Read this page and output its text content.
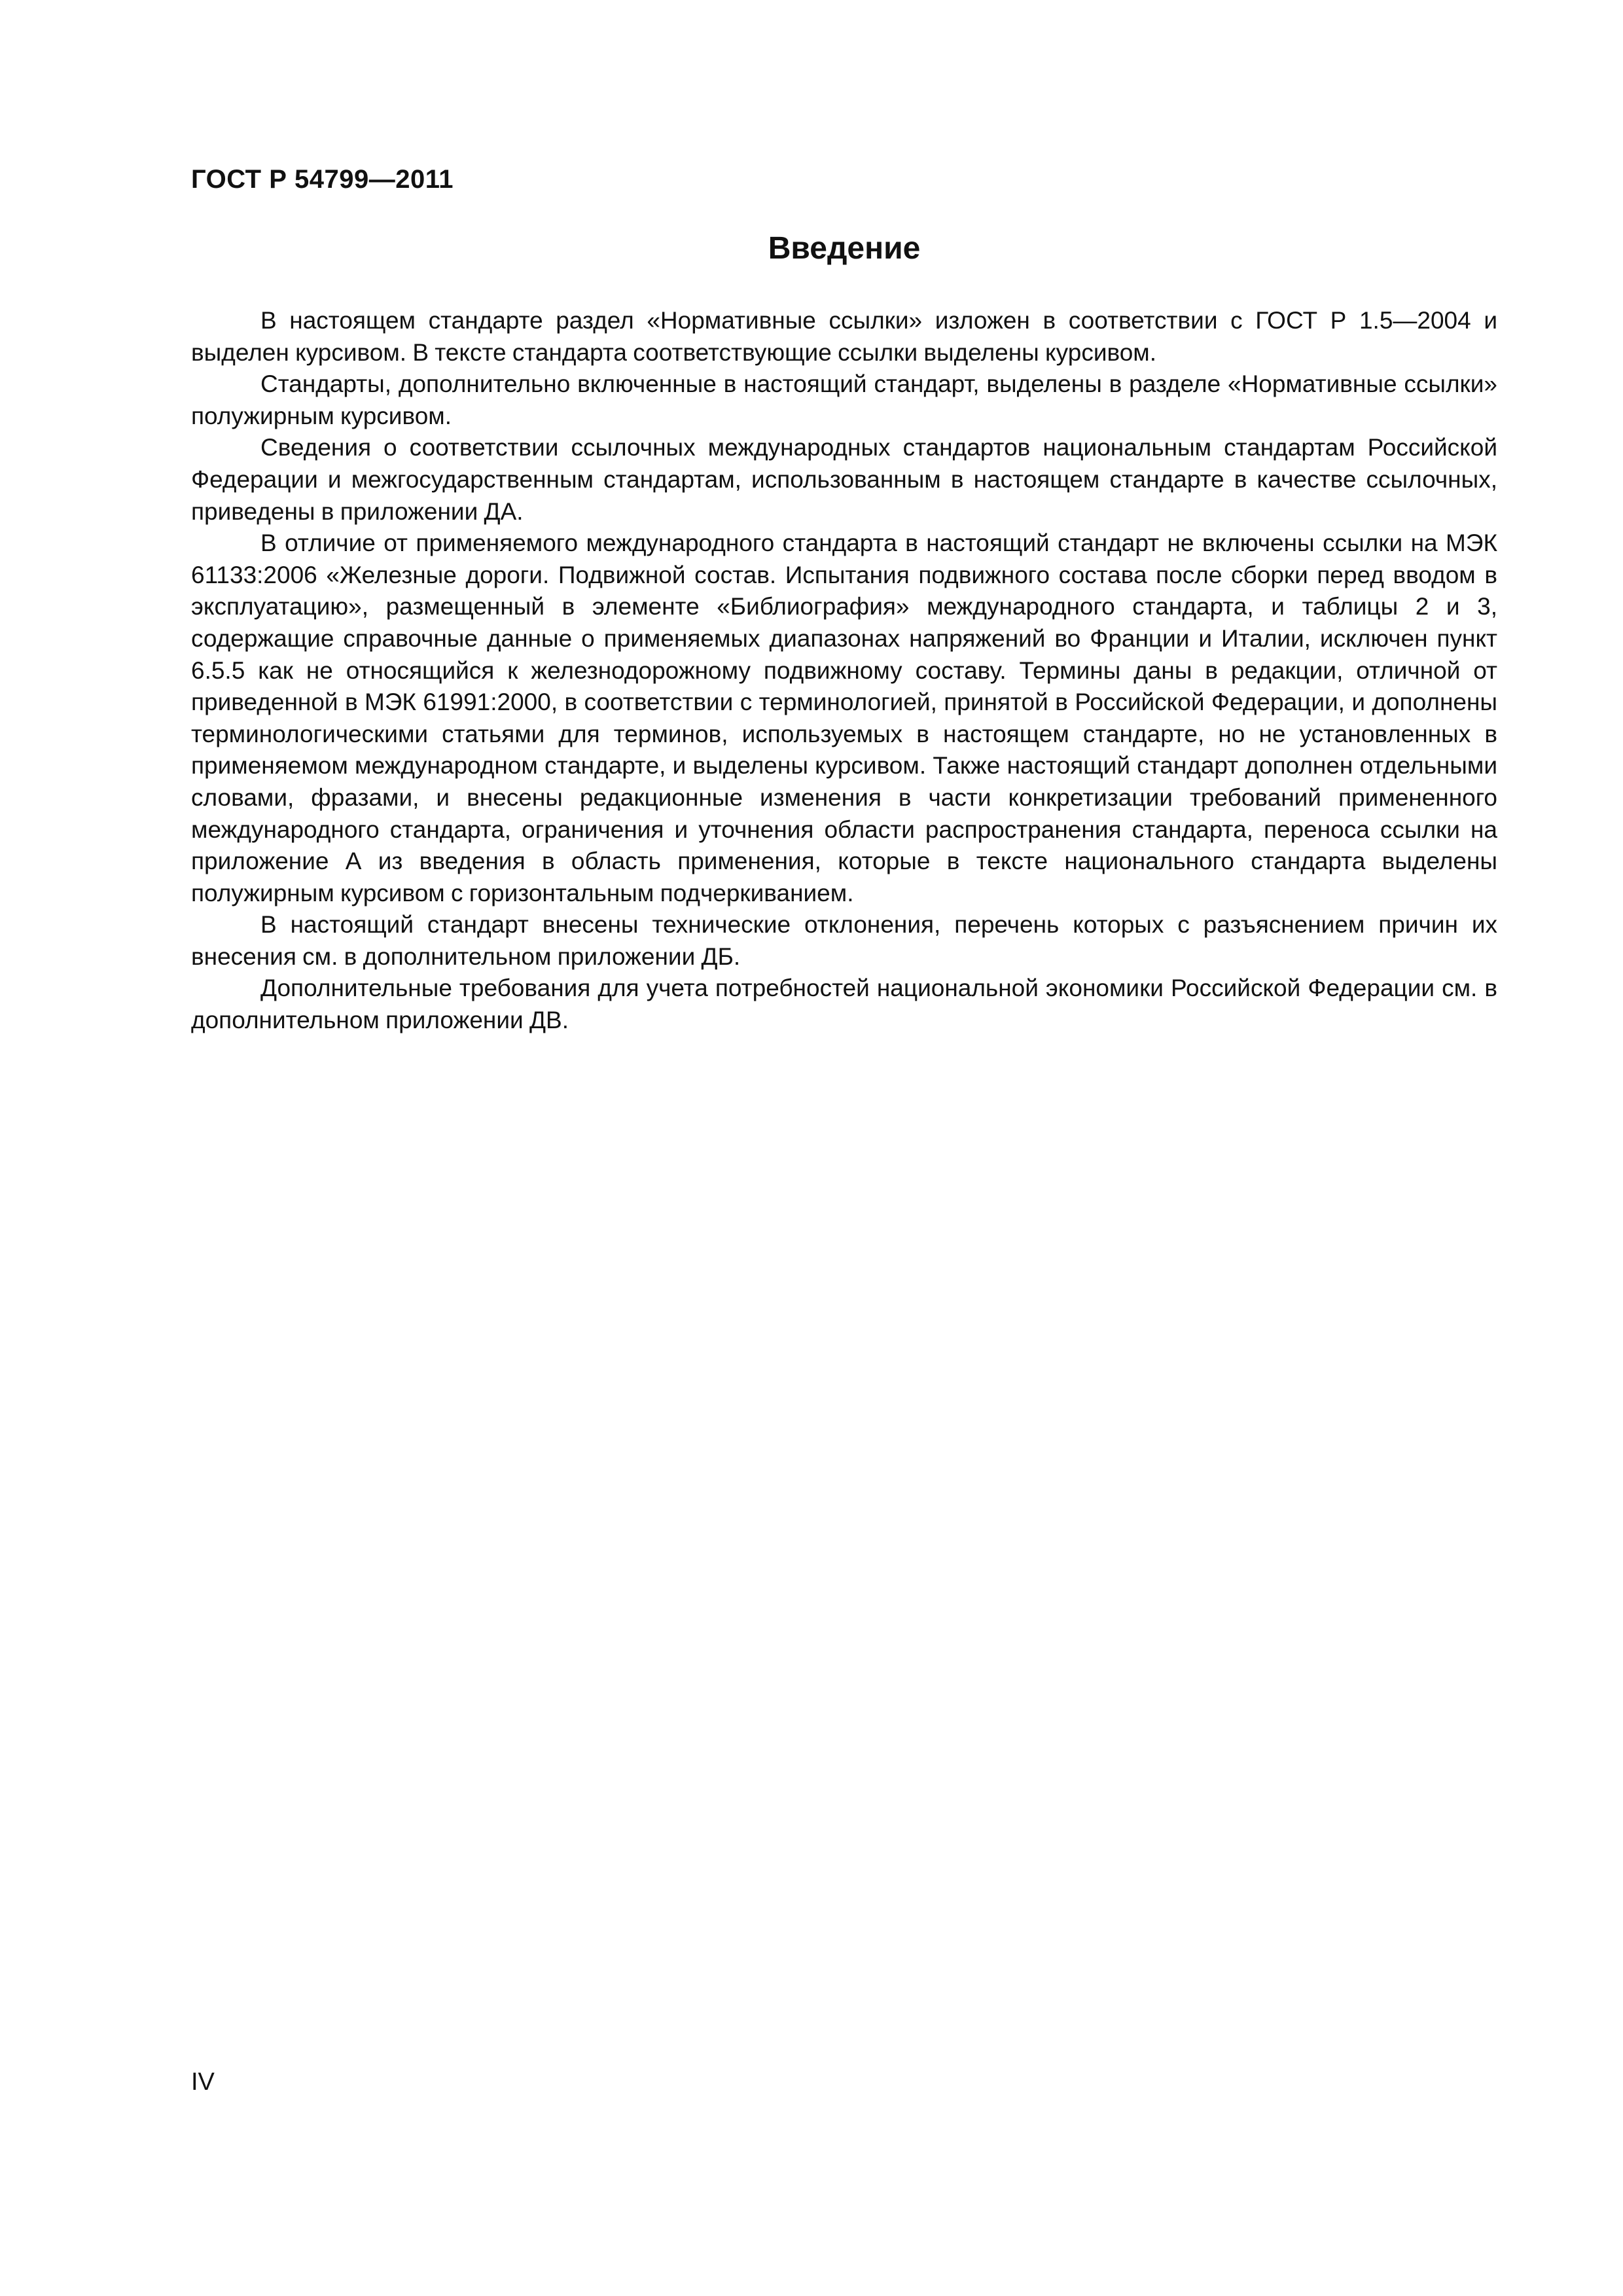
ГОСТ Р 54799—2011
Введение

В настоящем стандарте раздел «Нормативные ссылки» изложен в соответствии с ГОСТ Р 1.5—2004 и выделен курсивом. В тексте стандарта соответствующие ссылки выделены курсивом.

Стандарты, дополнительно включенные в настоящий стандарт, выделены в разделе «Нормативные ссылки» полужирным курсивом.

Сведения о соответствии ссылочных международных стандартов национальным стандартам Российской Федерации и межгосударственным стандартам, использованным в настоящем стандарте в качестве ссылочных, приведены в приложении ДА.

В отличие от применяемого международного стандарта в настоящий стандарт не включены ссылки на МЭК 61133:2006 «Железные дороги. Подвижной состав. Испытания подвижного состава после сборки перед вводом в эксплуатацию», размещенный в элементе «Библиография» международного стандарта, и таблицы 2 и 3, содержащие справочные данные о применяемых диапазонах напряжений во Франции и Италии, исключен пункт 6.5.5 как не относящийся к железнодорожному подвижному составу. Термины даны в редакции, отличной от приведенной в МЭК 61991:2000, в соответствии с терминологией, принятой в Российской Федерации, и дополнены терминологическими статьями для терминов, используемых в настоящем стандарте, но не установленных в применяемом международном стандарте, и выделены курсивом. Также настоящий стандарт дополнен отдельными словами, фразами, и внесены редакционные изменения в части конкретизации требований примененного международного стандарта, ограничения и уточнения области распространения стандарта, переноса ссылки на приложение А из введения в область применения, которые в тексте национального стандарта выделены полужирным курсивом с горизонтальным подчеркиванием.

В настоящий стандарт внесены технические отклонения, перечень которых с разъяснением причин их внесения см. в дополнительном приложении ДБ.

Дополнительные требования для учета потребностей национальной экономики Российской Федерации см. в дополнительном приложении ДВ.

IV
